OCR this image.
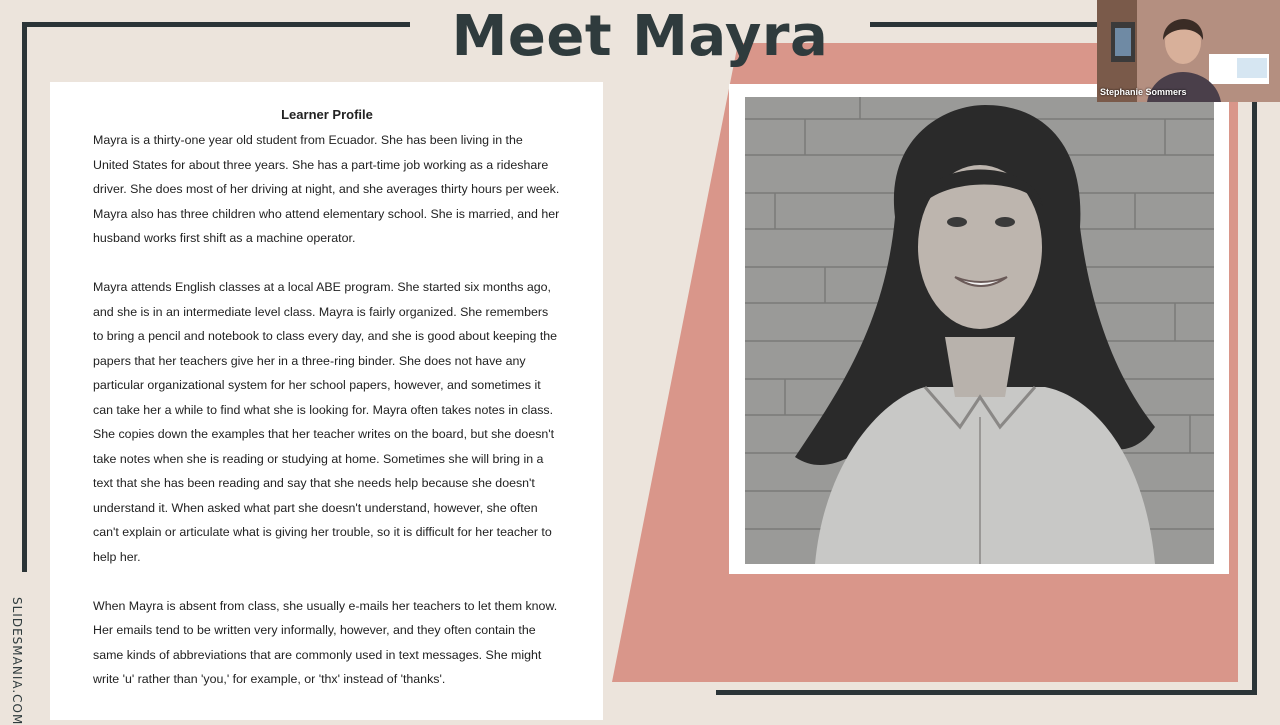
Meet Mayra
Learner Profile

Mayra is a thirty-one year old student from Ecuador. She has been living in the United States for about three years. She has a part-time job working as a rideshare driver. She does most of her driving at night, and she averages thirty hours per week. Mayra also has three children who attend elementary school. She is married, and her husband works first shift as a machine operator.

Mayra attends English classes at a local ABE program. She started six months ago, and she is in an intermediate level class. Mayra is fairly organized. She remembers to bring a pencil and notebook to class every day, and she is good about keeping the papers that her teachers give her in a three-ring binder. She does not have any particular organizational system for her school papers, however, and sometimes it can take her a while to find what she is looking for. Mayra often takes notes in class. She copies down the examples that her teacher writes on the board, but she doesn't take notes when she is reading or studying at home. Sometimes she will bring in a text that she has been reading and say that she needs help because she doesn't understand it. When asked what part she doesn't understand, however, she often can't explain or articulate what is giving her trouble, so it is difficult for her teacher to help her.

When Mayra is absent from class, she usually e-mails her teachers to let them know. Her emails tend to be written very informally, however, and they often contain the same kinds of abbreviations that are commonly used in text messages. She might write 'u' rather than 'you,' for example, or 'thx' instead of 'thanks'.

Stephanie Sommers
SLIDESMANIA.COM
